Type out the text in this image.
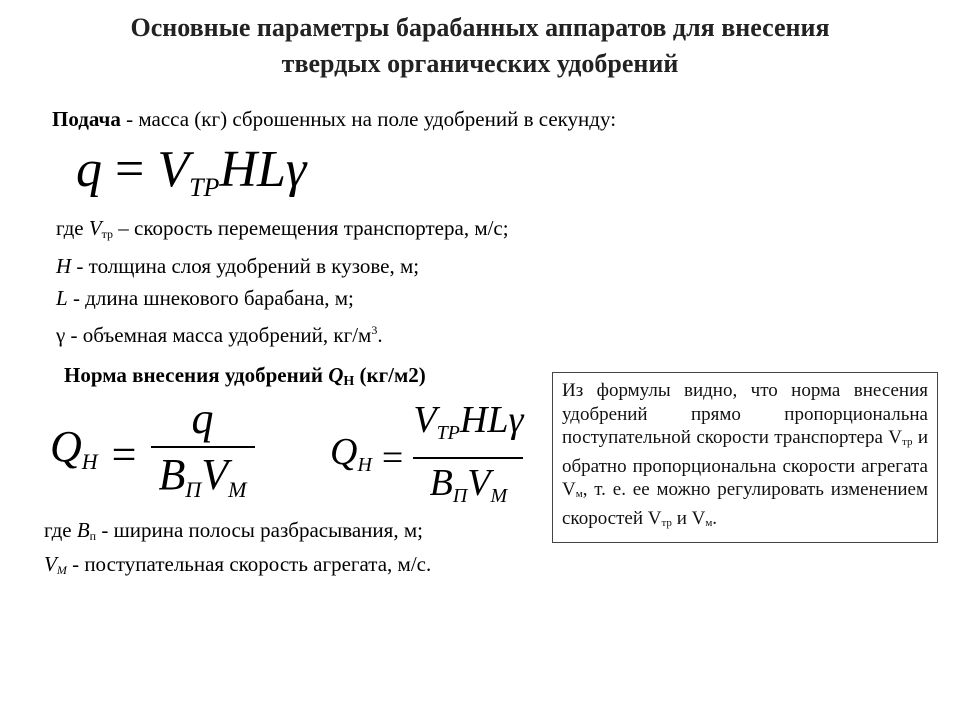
Основные параметры барабанных аппаратов для внесения
твердых органических удобрений
Подача - масса (кг) сброшенных на поле удобрений в секунду:
q = VTPHLγ
где $V_{тр}$ – скорость перемещения транспортера, м/с;
H - толщина слоя удобрений в кузове, м;
L - длина шнекового барабана, м;
γ - объемная масса удобрений, $кг/м^3$.
Норма внесения удобрений $Q_Н$ (кг/м2)
QH = $\frac{q}{\text{BПVM}}$ QH = $\frac{\text{VTPHLγ}}{\text{BПVM}}$
где $B_п$ - ширина полосы разбрасывания, м;
$V_M$ - поступательная скорость агрегата, м/с.
Из формулы видно, что норма внесения удобрений прямо пропорциональна поступательной скорости транспортера Vтр и обратно пропорциональна скорости агрегата Vм, т. е. ее можно регулировать изменением скоростей Vтр и Vм.
